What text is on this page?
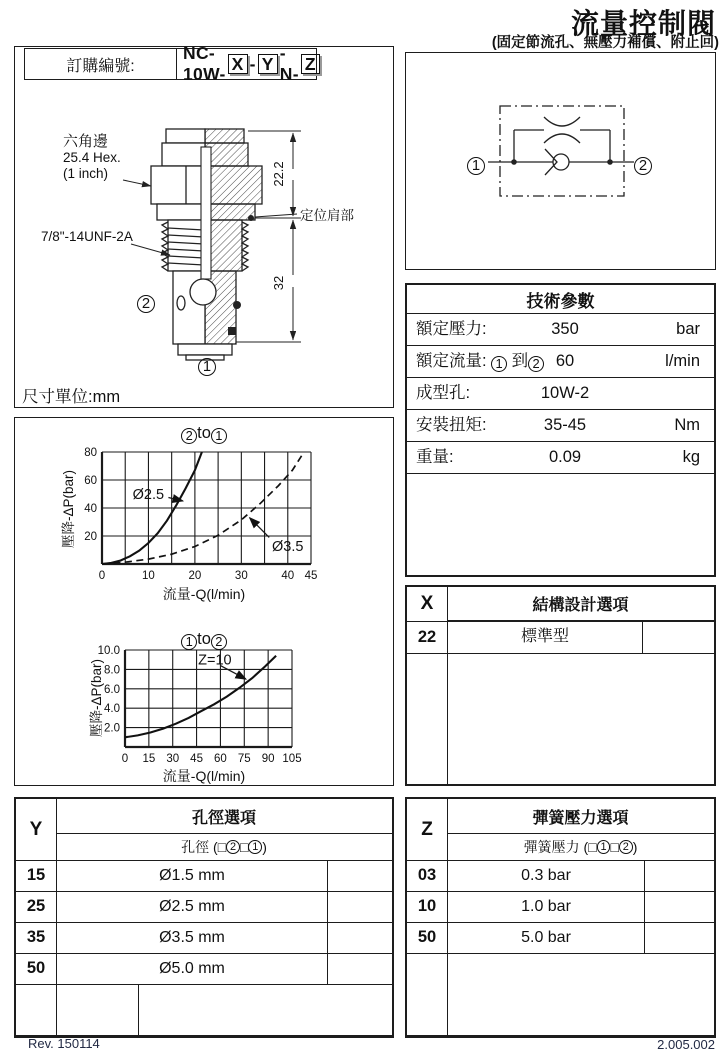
流量控制閥
(固定節流孔、無壓力補償、附止回)
22.2
32
訂購編號:
NC-10W-
X - Y
-N-
Z
六角邊
25.4 Hex.
(1 inch)
7/8"-14UNF-2A
定位肩部
2
1
尺寸單位:mm
1	2
技術參數
額定壓力:	350	bar
額定流量: 1 到 2 60	l/min
成型孔:	10W-2
安裝扭矩:	35-45	Nm
重量:	0.09	kg
2 to 1
0	10	20	30	40 45
20
40
60
80
Ø2.5
Ø3.5
壓降-ΔP(bar)
流量-Q(l/min)
1 to 2
0 15 30 45 60 75 90 105
2.0
4.0
6.0
8.0
10.0
Z=10
壓降-ΔP(bar)
流量-Q(l/min)
X	結構設計選項
22	標準型
Y
孔徑選項
孔徑 (□ 2 □ 1 )
15	Ø1.5 mm
25	Ø2.5 mm
35	Ø3.5 mm
50	Ø5.0 mm
Z
彈簧壓力選項
彈簧壓力 (□ 1 □ 2 )
03	0.3 bar
10	1.0 bar
50	5.0 bar
Rev. 150114	2.005.002
